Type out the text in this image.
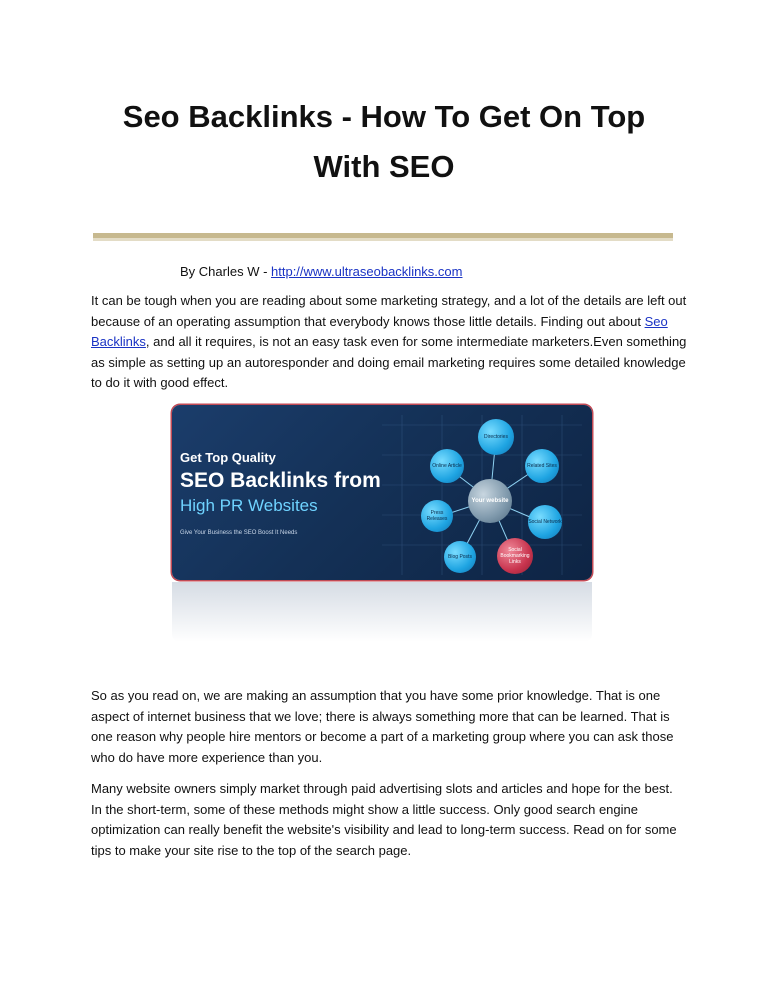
Seo Backlinks - How To Get On Top
With SEO
By Charles W - http://www.ultraseobacklinks.com

It can be tough when you are reading about some marketing strategy, and a lot of the details are left out because of an operating assumption that everybody knows those little details. Finding out about Seo Backlinks, and all it requires, is not an easy task even for some intermediate marketers.Even something as simple as setting up an autoresponder and doing email marketing requires some detailed knowledge to do it with good effect.

Get Top Quality
SEO Backlinks from
High PR Websites
Give Your Business the SEO Boost It Needs
Directories
Related Sites
Social Network
Social Bookmarking Links
Blog Posts
Press Releases
Online Article
Your website

So as you read on, we are making an assumption that you have some prior knowledge. That is one aspect of internet business that we love; there is always something more that can be learned. That is one reason why people hire mentors or become a part of a marketing group where you can ask those who do have more experience than you.

Many website owners simply market through paid advertising slots and articles and hope for the best. In the short-term, some of these methods might show a little success. Only good search engine optimization can really benefit the website's visibility and lead to long-term success. Read on for some tips to make your site rise to the top of the search page.
